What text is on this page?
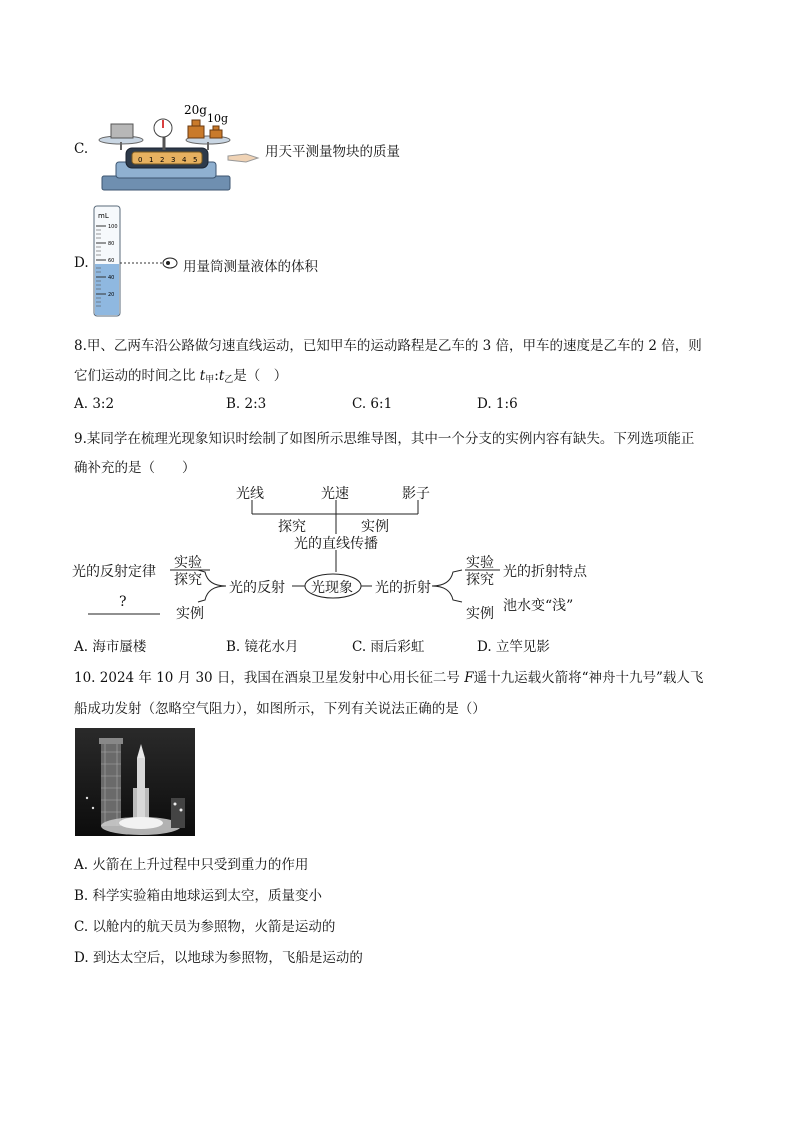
C.
0 1 2 3 4 5
20g
10g
用天平测量物块的质量
D.
mL
100
80
60
40
20
用量筒测量液体的体积
8.甲、乙两车沿公路做匀速直线运动，已知甲车的运动路程是乙车的 3 倍，甲车的速度是乙车的 2 倍，则
它们运动的时间之比 $t_甲:t_乙$是（　）
A. 3:2	B. 2:3	C. 6:1	D. 1:6
9.某同学在梳理光现象知识时绘制了如图所示思维导图，其中一个分支的实例内容有缺失。下列选项能正
确补充的是（　　）
光线	光速	影子
探究	实例
光的直线传播
光现象
光的反射	光的折射
实验
探究
光的反射定律
?
实例
实验
探究 光的折射特点
实例 池水变“浅”
A. 海市蜃楼	B. 镜花水月	C. 雨后彩虹	D. 立竿见影
10. 2024 年 10 月 30 日，我国在酒泉卫星发射中心用长征二号 F遥十九运载火箭将“神舟十九号”载人飞
船成功发射（忽略空气阻力），如图所示，下列有关说法正确的是（）
A. 火箭在上升过程中只受到重力的作用
B. 科学实验箱由地球运到太空，质量变小
C. 以舱内的航天员为参照物，火箭是运动的
D. 到达太空后，以地球为参照物，飞船是运动的
